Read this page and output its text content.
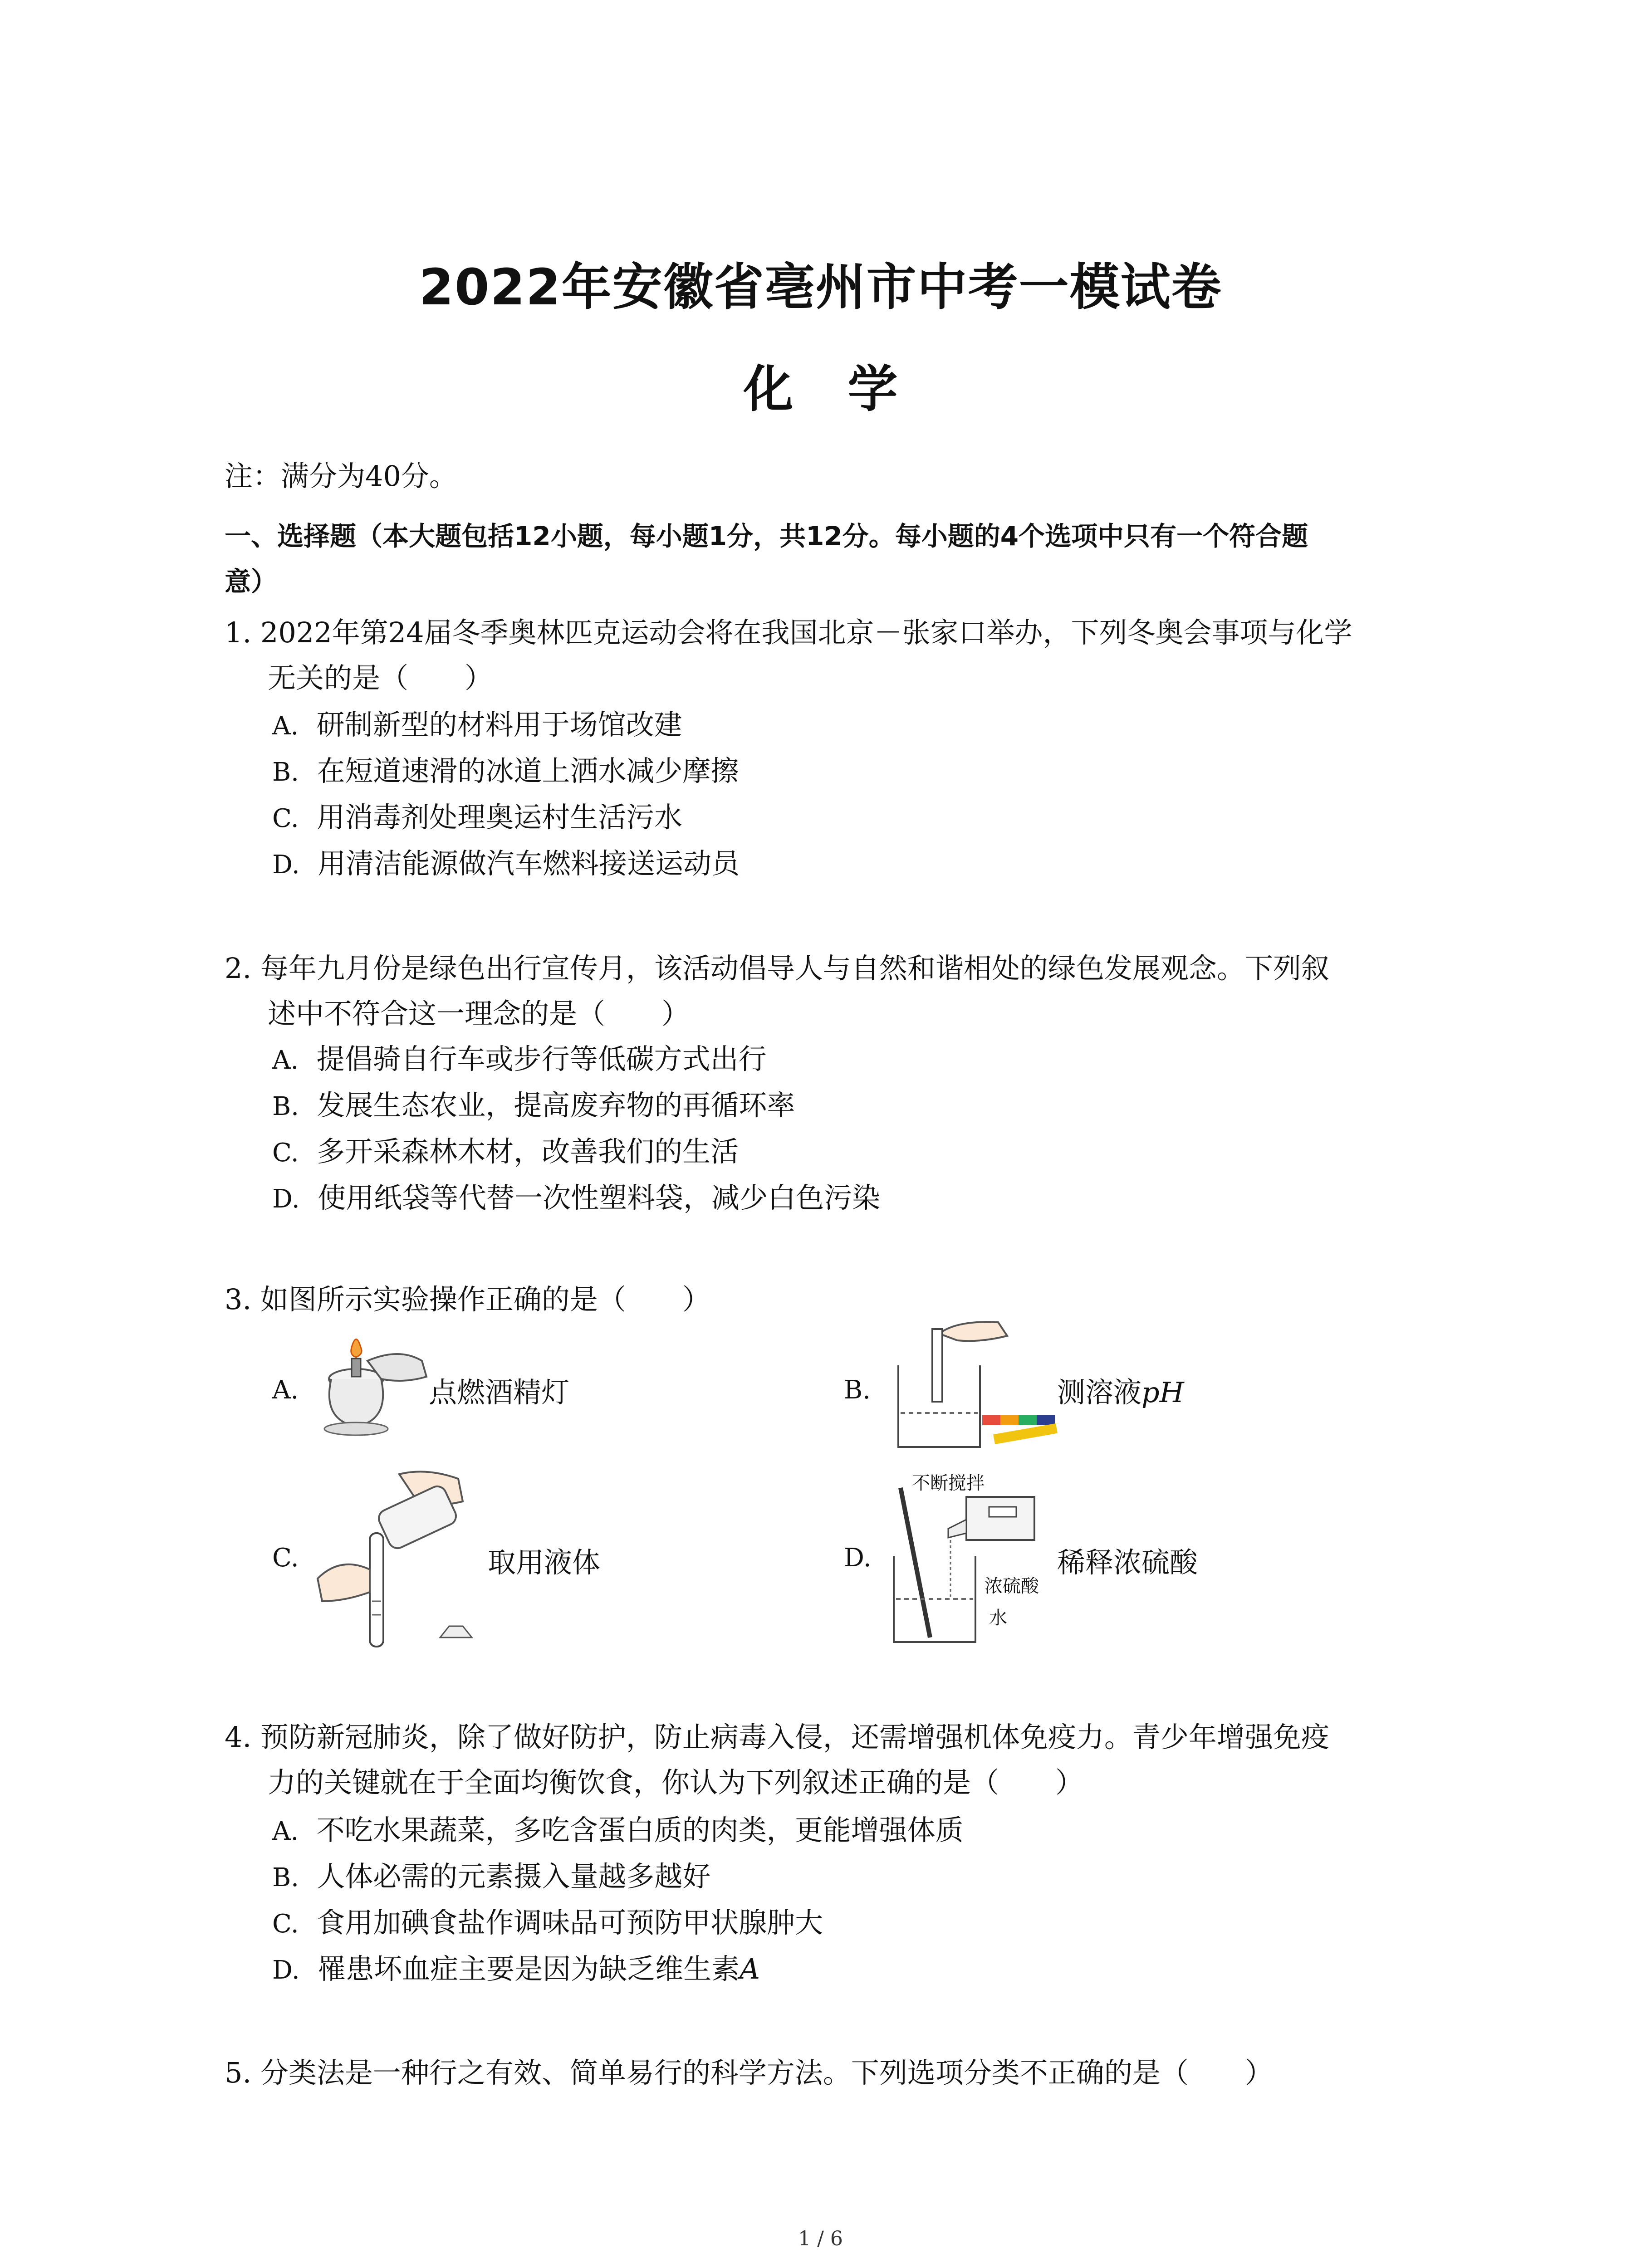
2022年安徽省亳州市中考一模试卷
化学
注：满分为40分。
一、选择题（本大题包括12小题，每小题1分，共12分。每小题的4个选项中只有一个符合题
意）
1. 2022年第24届冬季奥林匹克运动会将在我国北京－张家口举办，下列冬奥会事项与化学
无关的是（　　）
A. 研制新型的材料用于场馆改建
B. 在短道速滑的冰道上洒水减少摩擦
C. 用消毒剂处理奥运村生活污水
D. 用清洁能源做汽车燃料接送运动员
2. 每年九月份是绿色出行宣传月，该活动倡导人与自然和谐相处的绿色发展观念。下列叙
述中不符合这一理念的是（　　）
A. 提倡骑自行车或步行等低碳方式出行
B. 发展生态农业，提高废弃物的再循环率
C. 多开采森林木材，改善我们的生活
D. 使用纸袋等代替一次性塑料袋，减少白色污染
3. 如图所示实验操作正确的是（　　）
A.	点燃酒精灯	B.	测溶液pH
C.	取用液体	D.
不断搅拌
浓硫酸
水
稀释浓硫酸
4. 预防新冠肺炎，除了做好防护，防止病毒入侵，还需增强机体免疫力。青少年增强免疫
力的关键就在于全面均衡饮食，你认为下列叙述正确的是（　　）
A. 不吃水果蔬菜，多吃含蛋白质的肉类，更能增强体质
B. 人体必需的元素摄入量越多越好
C. 食用加碘食盐作调味品可预防甲状腺肿大
D. 罹患坏血症主要是因为缺乏维生素A
5. 分类法是一种行之有效、简单易行的科学方法。下列选项分类不正确的是（　　）
1 / 6
